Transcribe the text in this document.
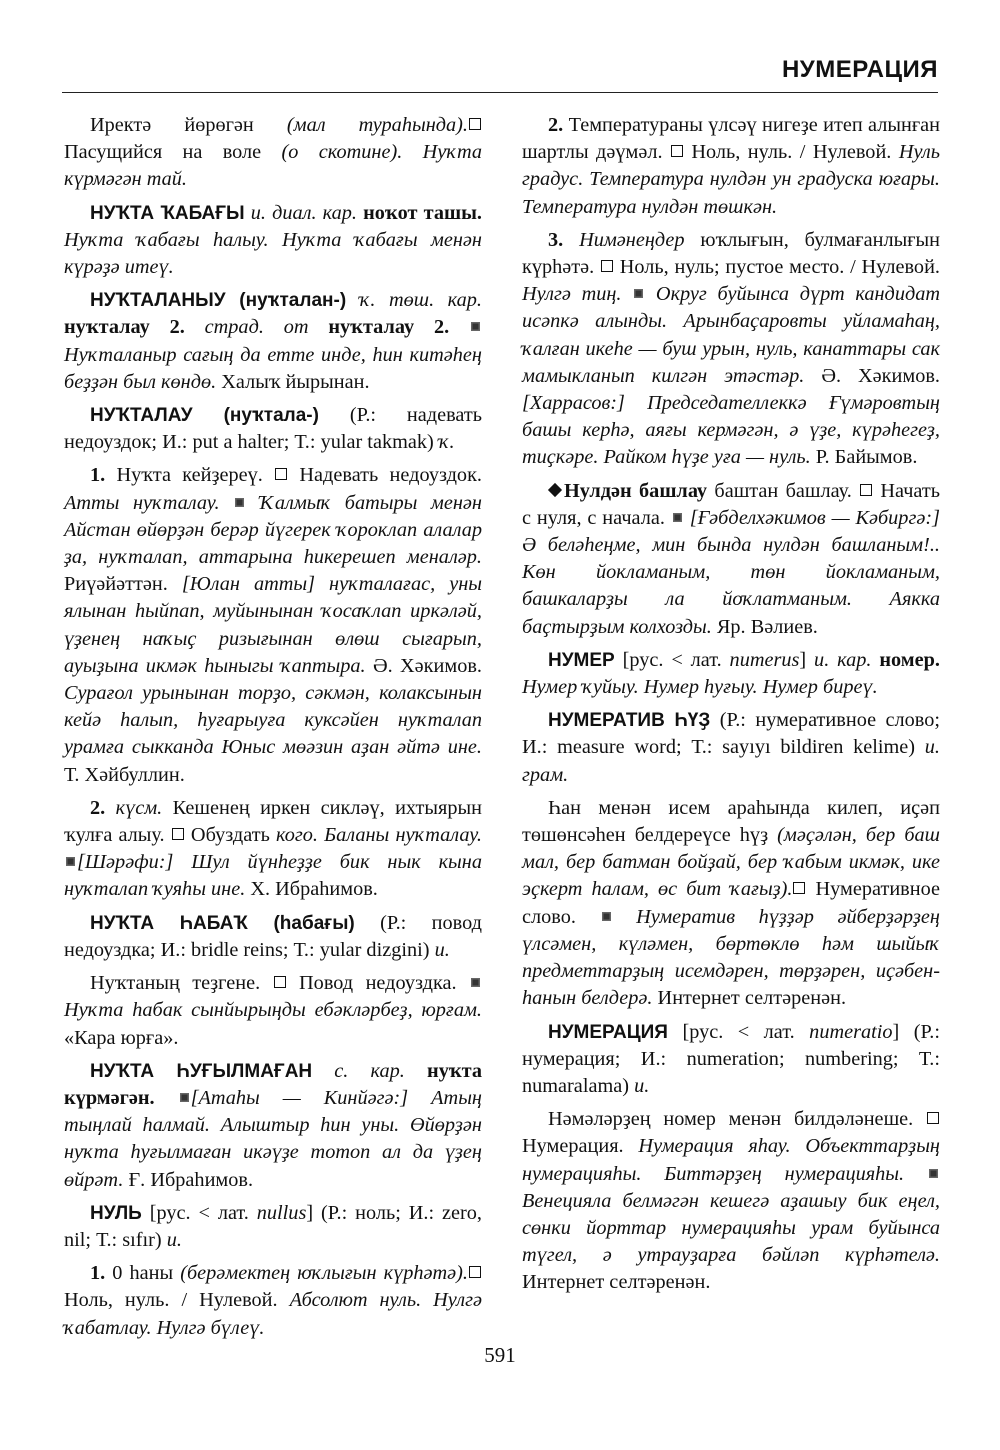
НУМЕРАЦИЯ

Иректә йөрөгән (мал тураһында). Пасущийся на воле (о скотине). Нуҡта күрмәгән тай.

НУҠТА ҠАБАҒЫ и. диал. кар. ноҡот ташы. Нуҡта ҡабағы һалыу. Нуҡта ҡабағы менән күрәҙә итеү.

НУҠТАЛАНЫУ (нуҡталан-) ҡ. төш. кар. нуҡталау 2. страд. от нуҡталау 2.  Нуҡталаныр сағың да етте инде, һин китәһең беҙҙән был көндө. Халыҡ йырынан.

НУҠТАЛАУ (нуҡтала-) (Р.: надевать недоуздок; И.: put a halter; Т.: yular takmak) ҡ.

1. Нуҡта кейҙереү.  Надевать недоуздок. Атты нуҡталау.  Ҡалмыҡ батыры менән Айстан өйөрҙән берәр йүгерек ҡороклап алалар ҙа, нуҡталап, аттарына һикерешеп меналәр. Риүәйәттән. [Юлан атты] нуҡталағас, уны ялынан һыйпап, муйынынан ҡосаҡлап иркәләй, үҙенең наҡыҫ ризығынан өлөш сығарып, ауыҙына икмәк һыныгы ҡаптыра. Ә. Хәкимов. Сурағол урынынан торҙо, сәкмән, колаксынын кейә һалып, һуғарыуға куксәйен нуҡталап урамға сыкканда Юныс мөәзин аҙан әйтә ине. Т. Хәйбуллин.

2. күсм. Кешенең иркен сикләү, ихтыярын ҡулға алыу.  Обуздать кого. Баланы нуҡталау. [Шәрәфи:] Шул йүнһеҙҙе бик нык кына нуҡталап ҡуяһы ине. Х. Ибраһимов.

НУҠТА ҺАБАҠ (һабағы) (Р.: повод недоуздка; И.: bridle reins; Т.: yular dizgini) и.

Нуҡтаның теҙгене.  Повод недоуздка.  Нуҡта һабак сынйырыңды ебәкләрбеҙ, юрғам. «Кара юрға».

НУҠТА ҺУҒЫЛМАҒАН с. кар. нуҡта күрмәгән. [Атаһы — Кинйәгә:] Атың тыңлай һалмай. Алыштыр һин уны. Өйөрҙән нуҡта һуғылмаған икәүҙе тотоп ал да үҙең өйрәт. Ғ. Ибраһимов.

НУЛЬ [рус. < лат. nullus] (Р.: ноль; И.: zero, nil; Т.: sıfır) и.

1. 0 һаны (берәмектең юҡлығын күрһәтә). Ноль, нуль. / Нулевой. Абсолют нуль. Нулгә ҡабатлау. Нулгә бүлеү.

2. Температураны үлсәү нигеҙе итеп алынған шартлы дәүмәл.  Ноль, нуль. / Нулевой. Нуль градус. Температура нулдән ун градуска юғары. Температура нулдән төшкән.

3. Нимәнеңдер юҡлығын, булмағанлығын күрһәтә.  Ноль, нуль; пустое место. / Нулевой. Нулгә тиң.  Округ буйынса дүрт кандидат исәпкә алынды. Арынбаҫаровты уйламаһаң, ҡалған икеһе — буш урын, нуль, канаттары сак мамыкланып килгән этәстәр. Ә. Хәкимов. [Харрасов:] Председателлеккә Ғүмәровтың башы керһә, аяғы кермәгән, ә үҙе, күрәһегеҙ, тиҫкәре. Райком һүҙе уға — нуль. Р. Байымов.

Нулдән башлау баштан башлау.  Начать с нуля, с начала.  [Ғәбделхәкимов — Кәбиргә:] Ә беләһеңме, мин бында нулдән башланым!.. Көн йокламаным, төн йокламаным, башкаларҙы ла йоҡлатманым. Аякка баҫтырҙым колхозды. Яр. Вәлиев.

НУМЕР [рус. < лат. numerus] и. кар. номер. Нумер ҡуйыу. Нумер һуғыу. Нумер биреү.

НУМЕРАТИВ ҺҮҘ (Р.: нумеративное слово; И.: measure word; Т.: sayıyı bildiren kelime) и. грам.

Һан менән исем араһында килеп, иҫәп төшөнсәһен белдереүсе һүҙ (мәҫәлән, бер баш мал, бер батман бойҙай, бер ҡабым икмәк, ике эҫкерт һалам, өс бит ҡағыҙ). Нумеративное слово.  Нумератив һүҙҙәр әйберҙәрҙең үлсәмен, күләмен, бөртөклө һәм шыйыҡ предметтарҙың исемдәрен, төрҙәрен, иҫәбен-һанын белдерә. Интернет селтәренән.

НУМЕРАЦИЯ [рус. < лат. numeratio] (Р.: нумерация; И.: numeration; numbering; Т.: numaralama) и.

Нәмәләрҙең номер менән билдәләнеше.  Нумерация. Нумерация яһау. Объекттарҙың нумерацияһы. Биттәрҙең нумерацияһы.  Венецияла белмәгән кешегә аҙашыу бик еңел, сөнки йорттар нумерацияһы урам буйынса түгел, ә утрауҙарға бәйләп күрһәтелә. Интернет селтәренән.

591
